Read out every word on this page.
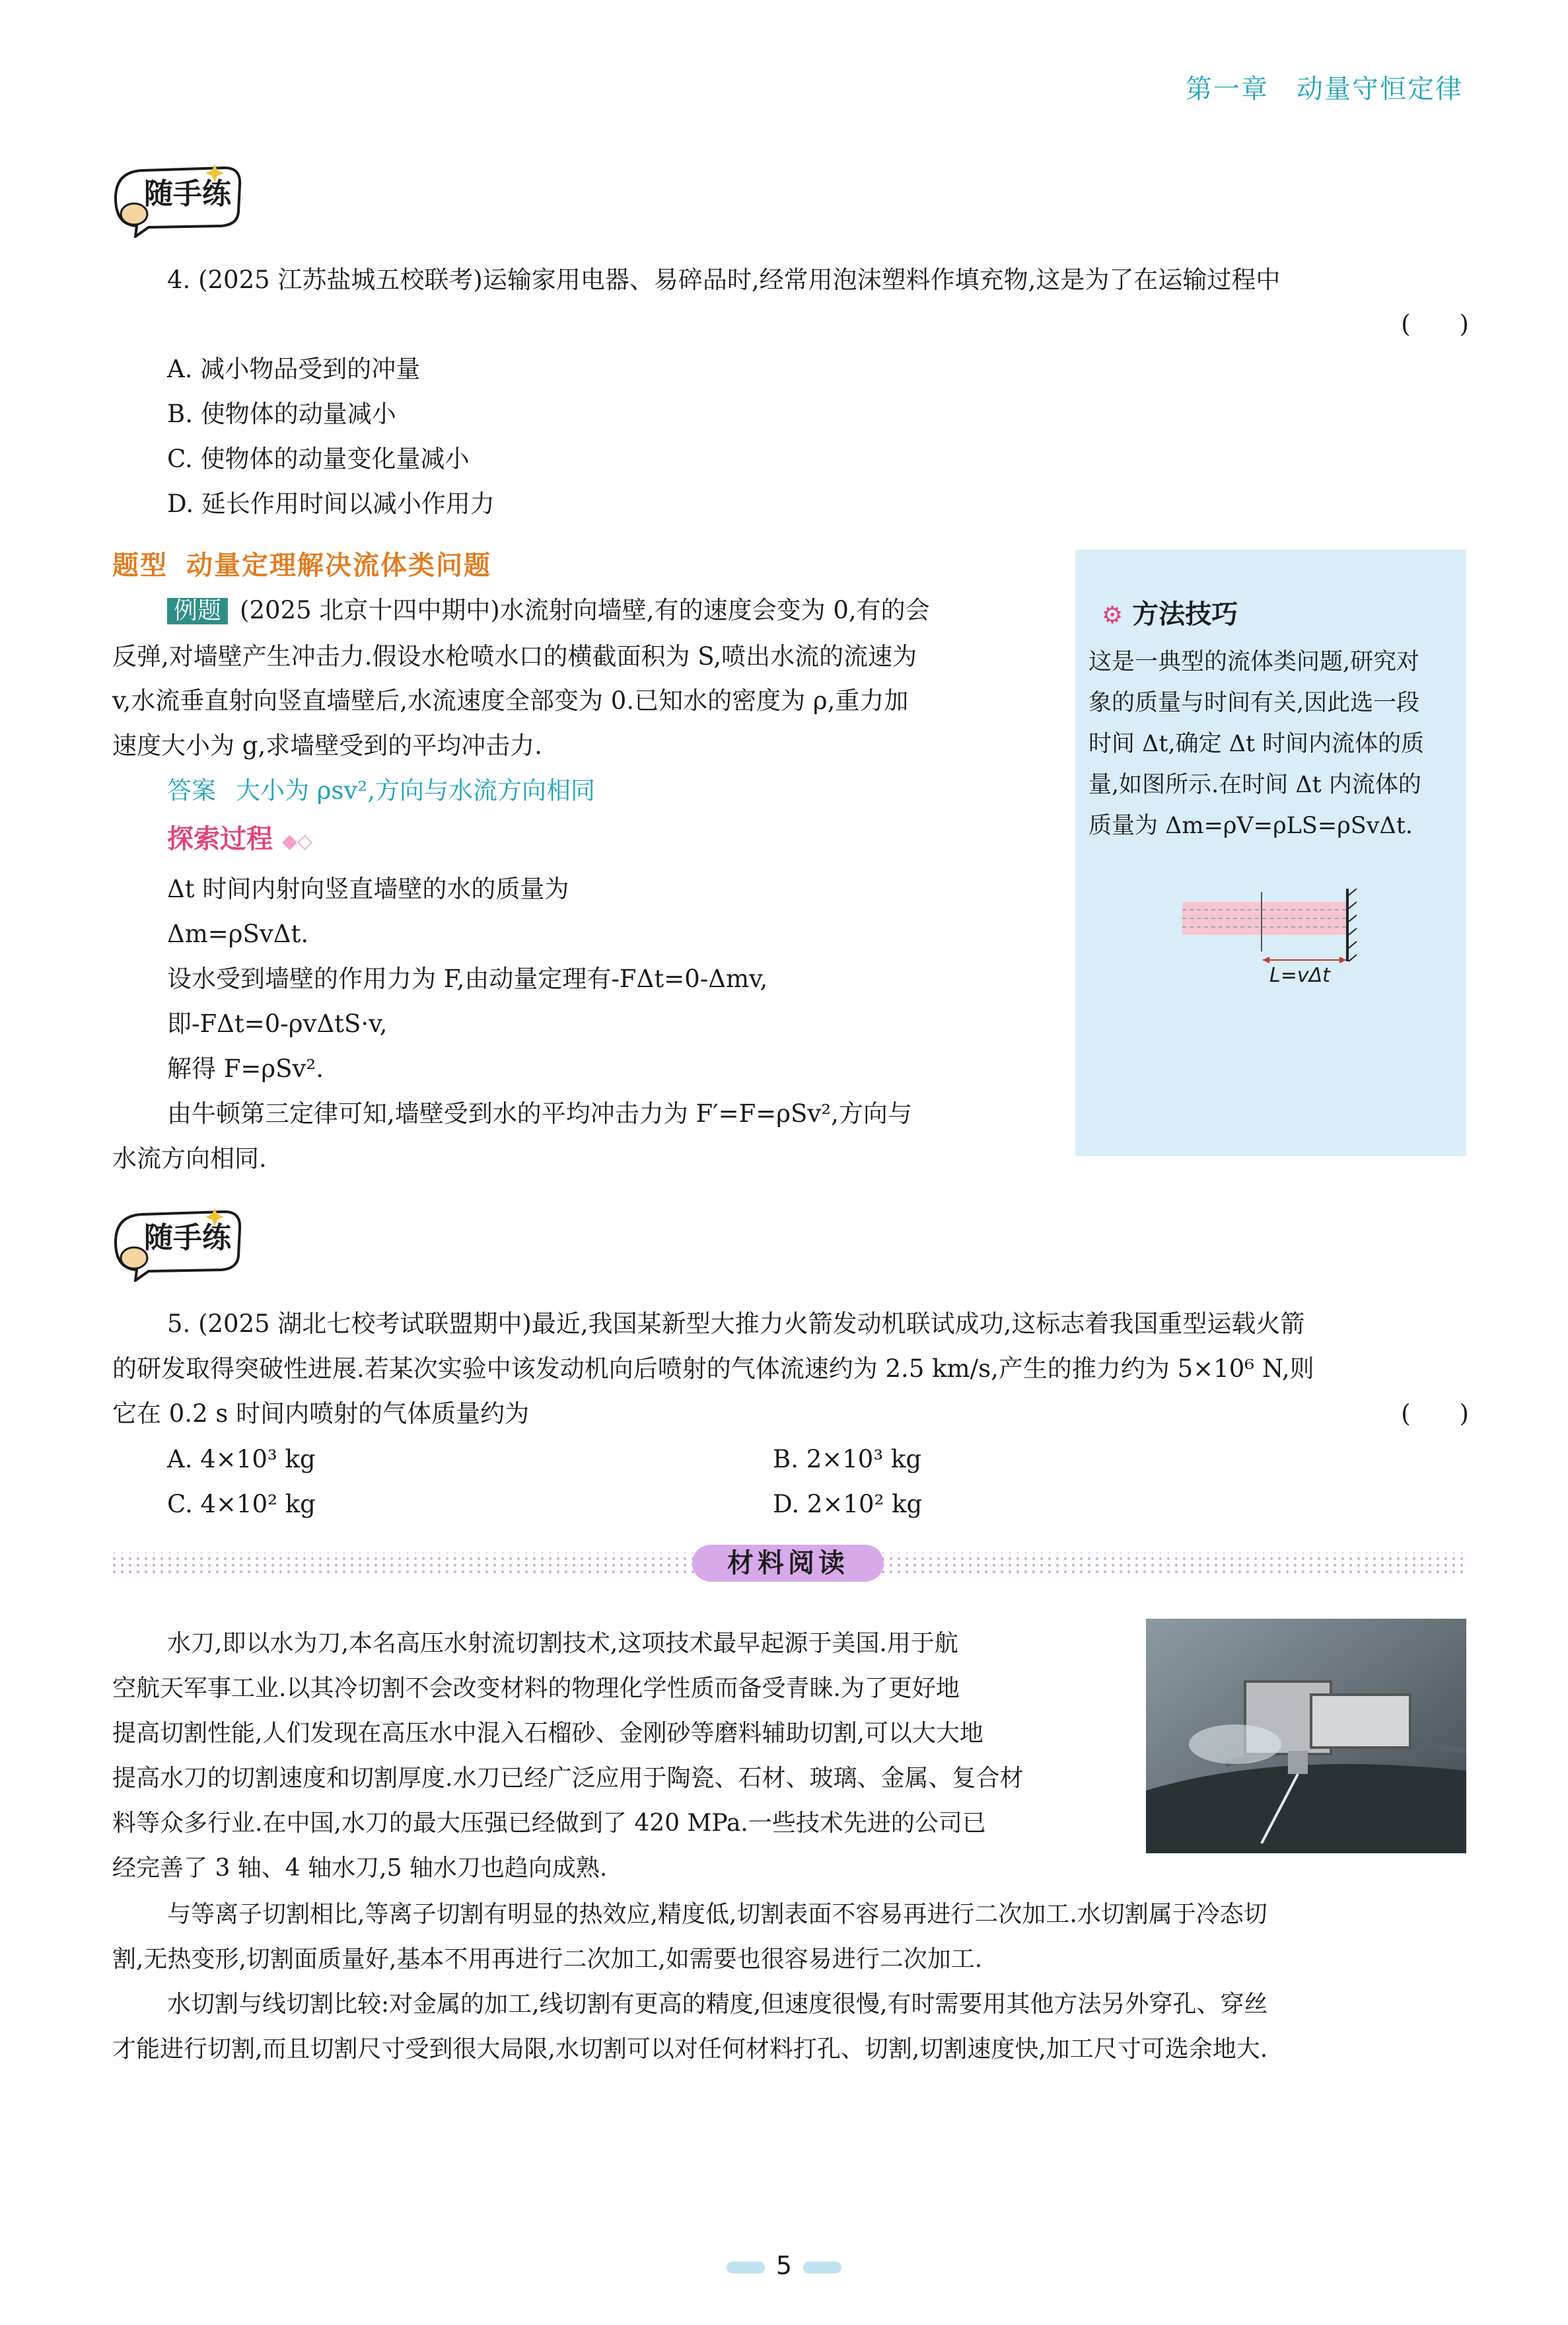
第一章　动量守恒定律
随手练
4. (2025 江苏盐城五校联考)运输家用电器、易碎品时,经常用泡沫塑料作填充物,这是为了在运输过程中
(　　)
A. 减小物品受到的冲量
B. 使物体的动量减小
C. 使物体的动量变化量减小
D. 延长作用时间以减小作用力
题型 动量定理解决流体类问题
例题 (2025 北京十四中期中)水流射向墙壁,有的速度会变为 0,有的会
反弹,对墙壁产生冲击力.假设水枪喷水口的横截面积为 S,喷出水流的流速为
v,水流垂直射向竖直墙壁后,水流速度全部变为 0.已知水的密度为 ρ,重力加
速度大小为 g,求墙壁受到的平均冲击力.
答案 大小为 ρsv²,方向与水流方向相同
探索过程 ◆◇
Δt 时间内射向竖直墙壁的水的质量为
Δm=ρSvΔt.
设水受到墙壁的作用力为 F,由动量定理有-FΔt=0-Δmv,
即-FΔt=0-ρvΔtS·v,
解得 F=ρSv².
由牛顿第三定律可知,墙壁受到水的平均冲击力为 F′=F=ρSv²,方向与
水流方向相同.
⚙ 方法技巧
这是一典型的流体类问题,研究对
象的质量与时间有关,因此选一段
时间 Δt,确定 Δt 时间内流体的质
量,如图所示.在时间 Δt 内流体的
质量为 Δm=ρV=ρLS=ρSvΔt.
L=vΔt
随手练
5. (2025 湖北七校考试联盟期中)最近,我国某新型大推力火箭发动机联试成功,这标志着我国重型运载火箭
的研发取得突破性进展.若某次实验中该发动机向后喷射的气体流速约为 2.5 km/s,产生的推力约为 5×10⁶ N,则
它在 0.2 s 时间内喷射的气体质量约为	(　　)
A. 4×10³ kg	B. 2×10³ kg
C. 4×10² kg	D. 2×10² kg
材料阅读
水刀,即以水为刀,本名高压水射流切割技术,这项技术最早起源于美国.用于航
空航天军事工业.以其冷切割不会改变材料的物理化学性质而备受青睐.为了更好地
提高切割性能,人们发现在高压水中混入石榴砂、金刚砂等磨料辅助切割,可以大大地
提高水刀的切割速度和切割厚度.水刀已经广泛应用于陶瓷、石材、玻璃、金属、复合材
料等众多行业.在中国,水刀的最大压强已经做到了 420 MPa.一些技术先进的公司已
经完善了 3 轴、4 轴水刀,5 轴水刀也趋向成熟.
与等离子切割相比,等离子切割有明显的热效应,精度低,切割表面不容易再进行二次加工.水切割属于冷态切
割,无热变形,切割面质量好,基本不用再进行二次加工,如需要也很容易进行二次加工.
水切割与线切割比较:对金属的加工,线切割有更高的精度,但速度很慢,有时需要用其他方法另外穿孔、穿丝
才能进行切割,而且切割尺寸受到很大局限,水切割可以对任何材料打孔、切割,切割速度快,加工尺寸可选余地大.
5
